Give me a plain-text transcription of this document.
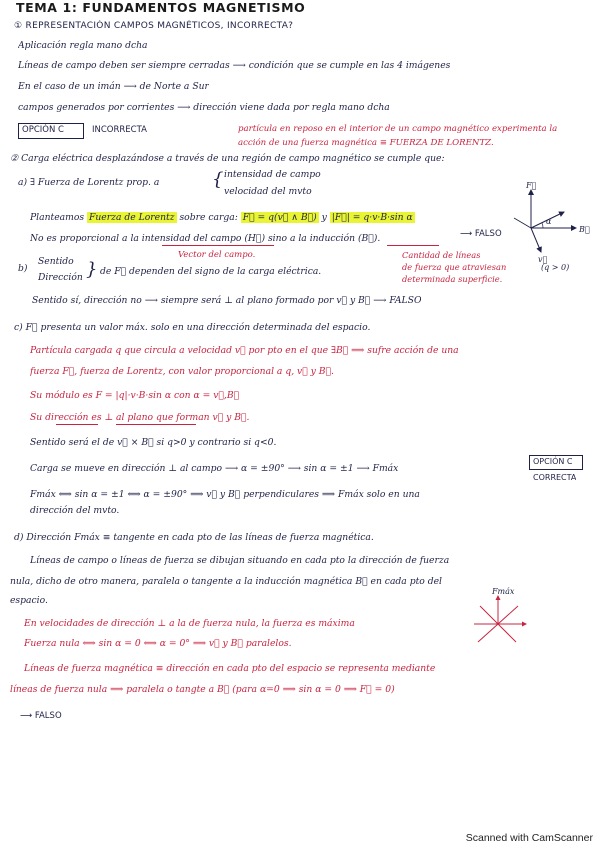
TEMA 1: FUNDAMENTOS MAGNETISMO
① REPRESENTACIÓN CAMPOS MAGNÉTICOS, INCORRECTA?
Aplicación regla mano dcha
Líneas de campo deben ser siempre cerradas ⟶ condición que se cumple en las 4 imágenes
En el caso de un imán ⟶ de Norte a Sur
campos generados por corrientes ⟶ dirección viene dada por regla mano dcha
OPCIÓN C	INCORRECTA	partícula en reposo en el interior de un campo magnético experimenta la
acción de una fuerza magnética ≡ FUERZA DE LORENTZ.
② Carga eléctrica desplazándose a través de una región de campo magnético se cumple que:
a) ∃ Fuerza de Lorentz prop. a	{ intensidad de campo
velocidad del mvto
Planteamos Fuerza de Lorentz sobre carga: F⃗ = q(v⃗ ∧ B⃗) y |F⃗| = q·v·B·sin α
No es proporcional a la intensidad del campo (H⃗) sino a la inducción (B⃗).	⟶ FALSO
Vector del campo.	Cantidad de líneas
de fuerza que atraviesan
determinada superficie.
b)
Sentido
Dirección } de F⃗ dependen del signo de la carga eléctrica.
Sentido sí, dirección no ⟶ siempre será ⊥ al plano formado por v⃗ y B⃗ ⟶ FALSO
c) F⃗ presenta un valor máx. solo en una dirección determinada del espacio.
Partícula cargada q que circula a velocidad v⃗ por pto en el que ∃B⃗ ⟹ sufre acción de una
fuerza F⃗, fuerza de Lorentz, con valor proporcional a q, v⃗ y B⃗.
Su módulo es F = |q|·v·B·sin α con α = v⃗,B⃗
Su dirección es ⊥ al plano que forman v⃗ y B⃗.
Sentido será el de v⃗ × B⃗ si q>0 y contrario si q<0.
Carga se mueve en dirección ⊥ al campo ⟶ α = ±90° ⟶ sin α = ±1 ⟶ Fmáx
OPCIÓN C
CORRECTA
Fmáx ⟺ sin α = ±1 ⟺ α = ±90° ⟹ v⃗ y B⃗ perpendiculares ⟹ Fmáx solo en una
dirección del mvto.
d) Dirección Fmáx ≡ tangente en cada pto de las líneas de fuerza magnética.
Líneas de campo o líneas de fuerza se dibujan situando en cada pto la dirección de fuerza
nula, dicho de otro manera, paralela o tangente a la inducción magnética B⃗ en cada pto del
espacio.
En velocidades de dirección ⊥ a la de fuerza nula, la fuerza es máxima
Fuerza nula ⟺ sin α = 0 ⟺ α = 0° ⟹ v⃗ y B⃗ paralelos.
Líneas de fuerza magnética ≡ dirección en cada pto del espacio se representa mediante
líneas de fuerza nula ⟹ paralela o tangte a B⃗ (para α=0 ⟹ sin α = 0 ⟹ F⃗ = 0)
⟶ FALSO
F⃗
B⃗
v⃗
α
(q > 0)
Fmáx
Scanned with CamScanner
